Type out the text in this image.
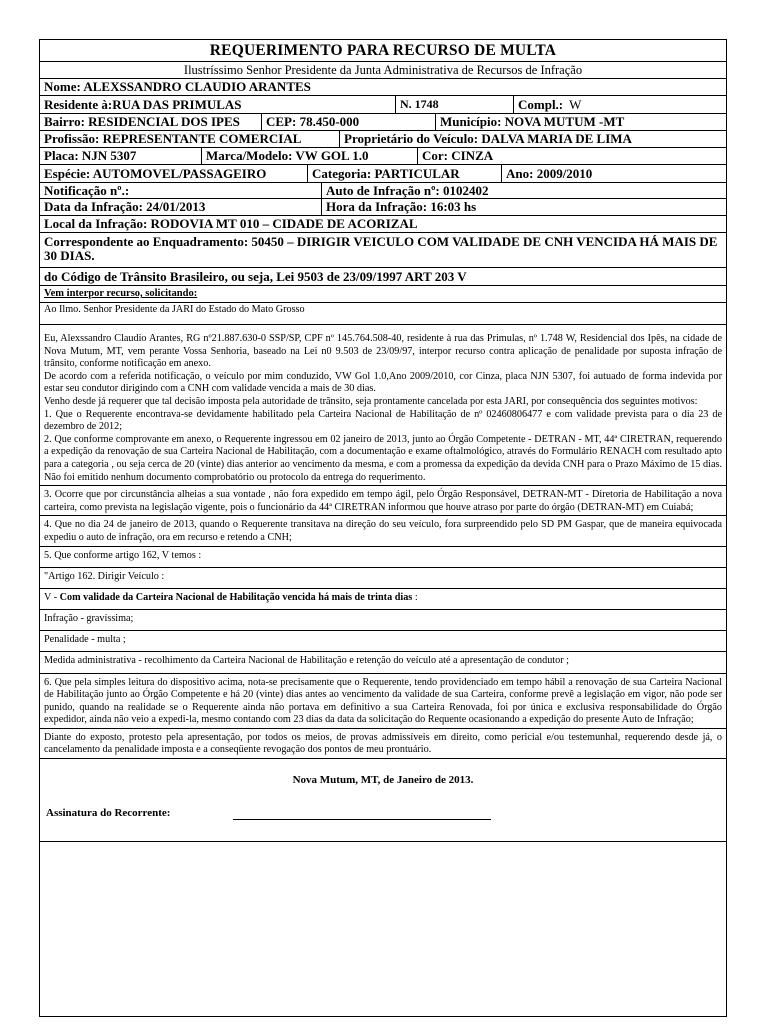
REQUERIMENTO PARA RECURSO DE MULTA
Ilustríssimo Senhor Presidente da Junta Administrativa de Recursos de Infração
Nome: ALEXSSANDRO CLAUDIO ARANTES
Residente à:RUA DAS PRIMULAS	N. 1748	Compl.: W
Bairro: RESIDENCIAL DOS IPES	CEP: 78.450-000	Município: NOVA MUTUM -MT
Profissão: REPRESENTANTE COMERCIAL	Proprietário do Veículo: DALVA MARIA DE LIMA
Placa: NJN 5307	Marca/Modelo: VW GOL 1.0	Cor: CINZA
Espécie: AUTOMOVEL/PASSAGEIRO	Categoria: PARTICULAR	Ano: 2009/2010
Notificação nº.:	Auto de Infração nº: 0102402
Data da Infração: 24/01/2013	Hora da Infração: 16:03 hs
Local da Infração: RODOVIA MT 010 – CIDADE DE ACORIZAL
Correspondente ao Enquadramento: 50450 – DIRIGIR VEICULO COM VALIDADE DE CNH VENCIDA HÁ MAIS DE 30 DIAS.
do Código de Trânsito Brasileiro, ou seja, Lei 9503 de 23/09/1997 ART 203 V
Vem interpor recurso, solicitando:

Ao Ilmo. Senhor Presidente da JARI do Estado do Mato Grosso

Eu, Alexssandro Claudio Arantes, RG nº21.887.630-0 SSP/SP, CPF nº 145.764.508-40, residente à rua das Primulas, nº 1.748 W, Residencial dos Ipês, na cidade de Nova Mutum, MT, vem perante Vossa Senhoria, baseado na Lei n0 9.503 de 23/09/97, interpor recurso contra aplicação de penalidade por suposta infração de trânsito, conforme notificação em anexo.

De acordo com a referida notificação, o veículo por mim conduzido, VW Gol 1.0,Ano 2009/2010, cor Cinza, placa NJN 5307, foi autuado de forma indevida por estar seu condutor dirigindo com a CNH com validade vencida a mais de 30 dias.

Venho desde já requerer que tal decisão imposta pela autoridade de trânsito, seja prontamente cancelada por esta JARI, por consequência dos seguintes motivos:

1. Que o Requerente encontrava-se devidamente habilitado pela Carteira Nacional de Habilitação de nº 02460806477 e com validade prevista para o dia 23 de dezembro de 2012;

2. Que conforme comprovante em anexo, o Requerente ingressou em 02 janeiro de 2013, junto ao Órgão Competente - DETRAN - MT, 44ª CIRETRAN, requerendo a expedição da renovação de sua Carteira Nacional de Habilitação, com a documentação e exame oftalmológico, através do Formulário RENACH com resultado apto para a categoria , ou seja cerca de 20 (vinte) dias anterior ao vencimento da mesma, e com a promessa da expedição da devida CNH para o Prazo Máximo de 15 dias. Não foi emitido nenhum documento comprobatório ou protocolo da entrega do requerimento.

3. Ocorre que por circunstância alheias a sua vontade , não fora expedido em tempo ágil, pelo Órgão Responsável, DETRAN-MT - Diretoria de Habilitação a nova carteira, como prevista na legislação vigente, pois o funcionário da 44ª CIRETRAN informou que houve atraso por parte do órgão (DETRAN-MT) em Cuiabá;

4. Que no dia 24 de janeiro de 2013, quando o Requerente transitava na direção do seu veículo, fora surpreendido pelo SD PM Gaspar, que de maneira equivocada expediu o auto de infração, ora em recurso e retendo a CNH;

5. Que conforme artigo 162, V temos :

"Artigo 162. Dirigir Veículo :

V - Com validade da Carteira Nacional de Habilitação vencida há mais de trinta dias :

Infração - gravíssima;

Penalidade - multa ;

Medida administrativa - recolhimento da Carteira Nacional de Habilitação e retenção do veículo até a apresentação de condutor ;

6. Que pela simples leitura do dispositivo acima, nota-se precisamente que o Requerente, tendo providenciado em tempo hábil a renovação de sua Carteira Nacional de Habilitação junto ao Órgão Competente e há 20 (vinte) dias antes ao vencimento da validade de sua Carteira, conforme prevê a legislação em vigor, não pode ser punido, quando na realidade se o Requerente ainda não portava em definitivo a sua Carteira Renovada, foi por única e exclusiva responsabilidade do Órgão expedidor, ainda não veio a expedi-la, mesmo contando com 23 dias da data da solicitação do Requente ocasionando a expedição do presente Auto de Infração;

Diante do exposto, protesto pela apresentação, por todos os meios, de provas admissíveis em direito, como pericial e/ou testemunhal, requerendo desde já, o cancelamento da penalidade imposta e a conseqüente revogação dos pontos de meu prontuário.

Nova Mutum, MT, de Janeiro de 2013.
Assinatura do Recorrente:
